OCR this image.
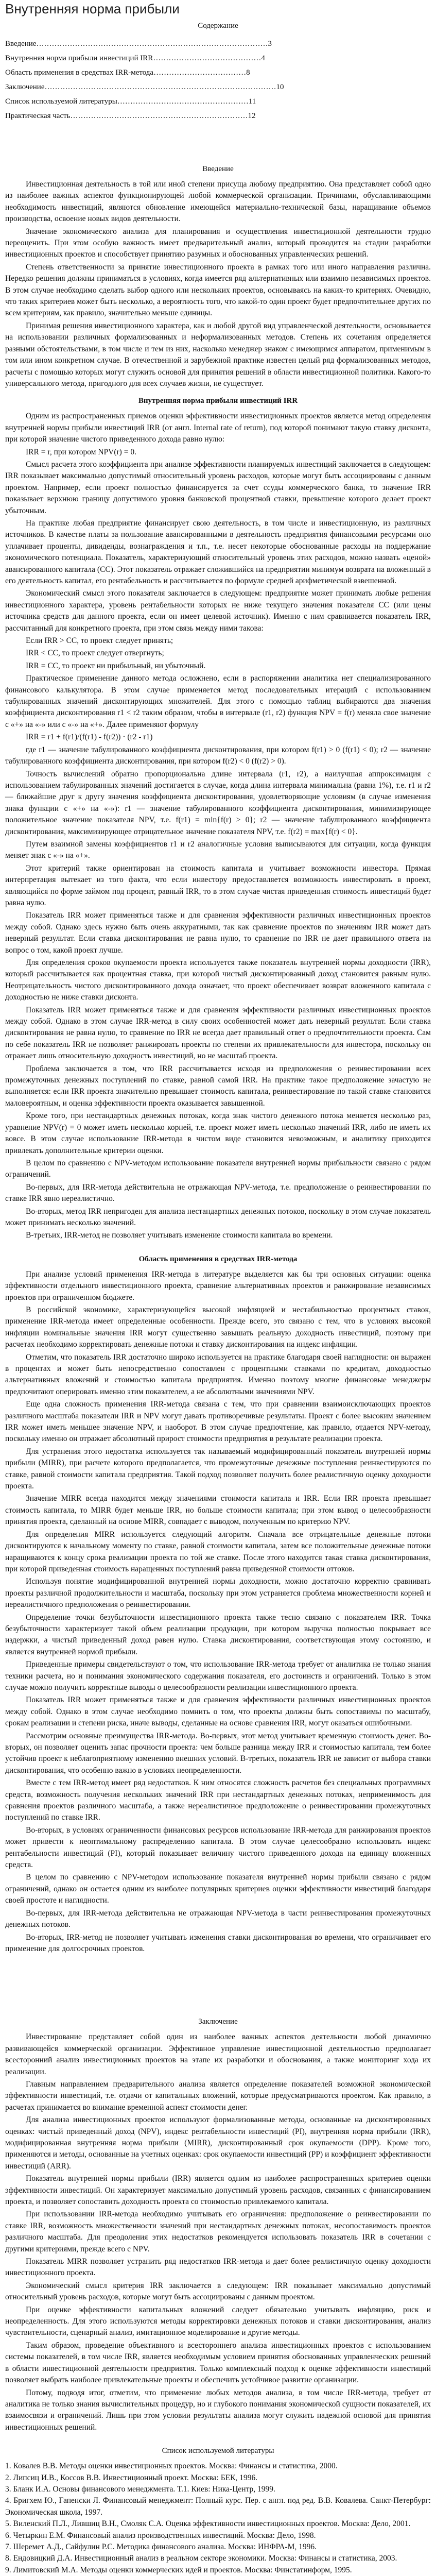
Внутренняя норма прибыли
Содержание
Введение………………………………………………………………………………3
Внутренняя норма прибыли инвестиций IRR……………………………………4
Область применения в средствах IRR-метода………………………………8
Заключение………………………………………………………………………………10
Список используемой литературы……………………………………………11
Практическая часть……………………………………………………………12
Введение

Инвестиционная деятельность в той или иной степени присуща любому предприятию. Она представляет собой одно из наиболее важных аспектов функционирующей любой коммерческой организации. Причинами, обуславливающими необходимость инвестиций, являются обновление имеющейся материально-технической базы, наращивание объемов производства, освоение новых видов деятельности.

Значение экономического анализа для планирования и осуществления инвестиционной деятельности трудно переоценить. При этом особую важность имеет предварительный анализ, который проводится на стадии разработки инвестиционных проектов и способствует принятию разумных и обоснованных управленческих решений.

Степень ответственности за принятие инвестиционного проекта в рамках того или иного направления различна. Нередко решения должны приниматься в условиях, когда имеется ряд альтернативных или взаимно независимых проектов. В этом случае необходимо сделать выбор одного или нескольких проектов, основываясь на каких-то критериях. Очевидно, что таких критериев может быть несколько, а вероятность того, что какой-то один проект будет предпочтительнее других по всем критериям, как правило, значительно меньше единицы.

Принимая решения инвестиционного характера, как и любой другой вид управленческой деятельности, основывается на использовании различных формализованных и неформализованных методов. Степень их сочетания определяется разными обстоятельствами, в том числе и тем из них, насколько менеджер знаком с имеющимся аппаратом, применимым в том или ином конкретном случае. В отечественной и зарубежной практике известен целый ряд формализованных методов, расчеты с помощью которых могут служить основой для принятия решений в области инвестиционной политики. Какого-то универсального метода, пригодного для всех случаев жизни, не существует.

Внутренняя норма прибыли инвестиций IRR

Одним из распространенных приемов оценки эффективности инвестиционных проектов является метод определения внутренней нормы прибыли инвестиций IRR (от англ. Internal rate of return), под которой понимают такую ставку дисконта, при которой значение чистого приведенного дохода равно нулю:

IRR = r, при котором NPV(r) = 0.

Смысл расчета этого коэффициента при анализе эффективности планируемых инвестиций заключается в следующем: IRR показывает максимально допустимый относительный уровень расходов, которые могут быть ассоциированы с данным проектом. Например, если проект полностью финансируется за счет ссуды коммерческого банка, то значение IRR показывает верхнюю границу допустимого уровня банковской процентной ставки, превышение которого делает проект убыточным.

На практике любая предприятие финансирует свою деятельность, в том числе и инвестиционную, из различных источников. В качестве платы за пользование авансированными в деятельность предприятия финансовыми ресурсами оно уплачивает проценты, дивиденды, вознаграждения и т.п., т.е. несет некоторые обоснованные расходы на поддержание экономического потенциала. Показатель, характеризующий относительный уровень этих расходов, можно назвать «ценой» авансированного капитала (CC). Этот показатель отражает сложившийся на предприятии минимум возврата на вложенный в его деятельность капитал, его рентабельность и рассчитывается по формуле средней арифметической взвешенной.

Экономический смысл этого показателя заключается в следующем: предприятие может принимать любые решения инвестиционного характера, уровень рентабельности которых не ниже текущего значения показателя CC (или цены источника средств для данного проекта, если он имеет целевой источник). Именно с ним сравнивается показатель IRR, рассчитанный для конкретного проекта, при этом связь между ними такова:

Если IRR > CC, то проект следует принять;

IRR < CC, то проект следует отвергнуть;

IRR = CC, то проект ни прибыльный, ни убыточный.

Практическое применение данного метода осложнено, если в распоряжении аналитика нет специализированного финансового калькулятора. В этом случае применяется метод последовательных итераций с использованием табулированных значений дисконтирующих множителей. Для этого с помощью таблиц выбираются два значения коэффициента дисконтирования r1 < r2 таким образом, чтобы в интервале (r1, r2) функция NPV = f(r) меняла свое значение с «+» на «-» или с «-» на «+». Далее применяют формулу

IRR = r1 + f(r1)/(f(r1) - f(r2)) · (r2 - r1)

где r1 — значение табулированного коэффициента дисконтирования, при котором f(r1) > 0 (f(r1) < 0); r2 — значение табулированного коэффициента дисконтирования, при котором f(r2) < 0 (f(r2) > 0).

Точность вычислений обратно пропорциональна длине интервала (r1, r2), а наилучшая аппроксимация с использованием табулированных значений достигается в случае, когда длина интервала минимальна (равна 1%), т.е. r1 и r2 — ближайшие друг к другу значения коэффициента дисконтирования, удовлетворяющие условиям (в случае изменения знака функции с «+» на «-»): r1 — значение табулированного коэффициента дисконтирования, минимизирующее положительное значение показателя NPV, т.е. f(r1) = min{f(r) > 0}; r2 — значение табулированного коэффициента дисконтирования, максимизирующее отрицательное значение показателя NPV, т.е. f(r2) = max{f(r) < 0}.

Путем взаимной замены коэффициентов r1 и r2 аналогичные условия выписываются для ситуации, когда функция меняет знак с «-» на «+».

Этот критерий также ориентирован на стоимость капитала и учитывает возможности инвестора. Прямая интерпретация вытекает из того факта, что если инвестору предоставляется возможность инвестировать в проект, являющийся по форме займом под процент, равный IRR, то в этом случае чистая приведенная стоимость инвестиций будет равна нулю.

Показатель IRR может применяться также и для сравнения эффективности различных инвестиционных проектов между собой. Однако здесь нужно быть очень аккуратными, так как сравнение проектов по значениям IRR может дать неверный результат. Если ставка дисконтирования не равна нулю, то сравнение по IRR не дает правильного ответа на вопрос о том, какой проект лучше.

Для определения сроков окупаемости проекта используется также показатель внутренней нормы доходности (IRR), который рассчитывается как процентная ставка, при которой чистый дисконтированный доход становится равным нулю. Неотрицательность чистого дисконтированного дохода означает, что проект обеспечивает возврат вложенного капитала с доходностью не ниже ставки дисконта.

Показатель IRR может применяться также и для сравнения эффективности различных инвестиционных проектов между собой. Однако в этом случае IRR-метод в силу своих особенностей может дать неверный результат. Если ставка дисконтирования не равна нулю, то сравнение по IRR не всегда дает правильный ответ о предпочтительности проекта. Сам по себе показатель IRR не позволяет ранжировать проекты по степени их привлекательности для инвестора, поскольку он отражает лишь относительную доходность инвестиций, но не масштаб проекта.

Проблема заключается в том, что IRR рассчитывается исходя из предположения о реинвестировании всех промежуточных денежных поступлений по ставке, равной самой IRR. На практике такое предположение зачастую не выполняется: если IRR проекта значительно превышает стоимость капитала, реинвестирование по такой ставке становится маловероятным, и оценка эффективности проекта оказывается завышенной.

Кроме того, при нестандартных денежных потоках, когда знак чистого денежного потока меняется несколько раз, уравнение NPV(r) = 0 может иметь несколько корней, т.е. проект может иметь несколько значений IRR, либо не иметь их вовсе. В этом случае использование IRR-метода в чистом виде становится невозможным, и аналитику приходится привлекать дополнительные критерии оценки.

В целом по сравнению с NPV-методом использование показателя внутренней нормы прибыльности связано с рядом ограничений.

Во-первых, для IRR-метода действительна не отражающая NPV-метода, т.е. предположение о реинвестировании по ставке IRR явно нереалистично.

Во-вторых, метод IRR непригоден для анализа нестандартных денежных потоков, поскольку в этом случае показатель может принимать несколько значений.

В-третьих, IRR-метод не позволяет учитывать изменение стоимости капитала во времени.

Область применения в средствах IRR-метода

При анализе условий применения IRR-метода в литературе выделяется как бы три основных ситуации: оценка эффективности отдельного инвестиционного проекта, сравнение альтернативных проектов и ранжирование независимых проектов при ограниченном бюджете.

В российской экономике, характеризующейся высокой инфляцией и нестабильностью процентных ставок, применение IRR-метода имеет определенные особенности. Прежде всего, это связано с тем, что в условиях высокой инфляции номинальные значения IRR могут существенно завышать реальную доходность инвестиций, поэтому при расчетах необходимо корректировать денежные потоки и ставку дисконтирования на индекс инфляции.

Отметим, что показатель IRR достаточно широко используется на практике благодаря своей наглядности: он выражен в процентах и может быть непосредственно сопоставлен с процентными ставками по кредитам, доходностью альтернативных вложений и стоимостью капитала предприятия. Именно поэтому многие финансовые менеджеры предпочитают оперировать именно этим показателем, а не абсолютными значениями NPV.

Еще одна сложность применения IRR-метода связана с тем, что при сравнении взаимоисключающих проектов различного масштаба показатели IRR и NPV могут давать противоречивые результаты. Проект с более высоким значением IRR может иметь меньшее значение NPV, и наоборот. В этом случае предпочтение, как правило, отдается NPV-методу, поскольку именно он отражает абсолютный прирост стоимости предприятия в результате реализации проекта.

Для устранения этого недостатка используется так называемый модифицированный показатель внутренней нормы прибыли (MIRR), при расчете которого предполагается, что промежуточные денежные поступления реинвестируются по ставке, равной стоимости капитала предприятия. Такой подход позволяет получить более реалистичную оценку доходности проекта.

Значение MIRR всегда находится между значениями стоимости капитала и IRR. Если IRR проекта превышает стоимость капитала, то MIRR будет меньше IRR, но больше стоимости капитала; при этом вывод о целесообразности принятия проекта, сделанный на основе MIRR, совпадает с выводом, полученным по критерию NPV.

Для определения MIRR используется следующий алгоритм. Сначала все отрицательные денежные потоки дисконтируются к начальному моменту по ставке, равной стоимости капитала, затем все положительные денежные потоки наращиваются к концу срока реализации проекта по той же ставке. После этого находится такая ставка дисконтирования, при которой приведенная стоимость наращенных поступлений равна приведенной стоимости оттоков.

Используя понятие модифицированной внутренней нормы доходности, можно достаточно корректно сравнивать проекты различной продолжительности и масштаба, поскольку при этом устраняется проблема множественности корней и нереалистичного предположения о реинвестировании.

Определение точки безубыточности инвестиционного проекта также тесно связано с показателем IRR. Точка безубыточности характеризует такой объем реализации продукции, при котором выручка полностью покрывает все издержки, а чистый приведенный доход равен нулю. Ставка дисконтирования, соответствующая этому состоянию, и является внутренней нормой прибыли.

Приведенные примеры свидетельствуют о том, что использование IRR-метода требует от аналитика не только знания техники расчета, но и понимания экономического содержания показателя, его достоинств и ограничений. Только в этом случае можно получить корректные выводы о целесообразности реализации инвестиционного проекта.

Показатель IRR может применяться также и для сравнения эффективности различных инвестиционных проектов между собой. Однако в этом случае необходимо помнить о том, что проекты должны быть сопоставимы по масштабу, срокам реализации и степени риска, иначе выводы, сделанные на основе сравнения IRR, могут оказаться ошибочными.

Рассмотрим основные преимущества IRR-метода. Во-первых, этот метод учитывает временную стоимость денег. Во-вторых, он позволяет оценить запас прочности проекта: чем больше разница между IRR и стоимостью капитала, тем более устойчив проект к неблагоприятному изменению внешних условий. В-третьих, показатель IRR не зависит от выбора ставки дисконтирования, что особенно важно в условиях неопределенности.

Вместе с тем IRR-метод имеет ряд недостатков. К ним относятся сложность расчетов без специальных программных средств, возможность получения нескольких значений IRR при нестандартных денежных потоках, неприменимость для сравнения проектов различного масштаба, а также нереалистичное предположение о реинвестировании промежуточных поступлений по ставке IRR.

Во-вторых, в условиях ограниченности финансовых ресурсов использование IRR-метода для ранжирования проектов может привести к неоптимальному распределению капитала. В этом случае целесообразно использовать индекс рентабельности инвестиций (PI), который показывает величину чистого приведенного дохода на единицу вложенных средств.

В целом по сравнению с NPV-методом использование показателя внутренней нормы прибыли связано с рядом ограничений, однако он остается одним из наиболее популярных критериев оценки эффективности инвестиций благодаря своей простоте и наглядности.

Во-первых, для IRR-метода действительна не отражающая NPV-метода в части реинвестирования промежуточных денежных потоков.

Во-вторых, IRR-метод не позволяет учитывать изменения ставки дисконтирования во времени, что ограничивает его применение для долгосрочных проектов.

Заключение

Инвестирование представляет собой один из наиболее важных аспектов деятельности любой динамично развивающейся коммерческой организации. Эффективное управление инвестиционной деятельностью предполагает всесторонний анализ инвестиционных проектов на этапе их разработки и обоснования, а также мониторинг хода их реализации.

Главным направлением предварительного анализа является определение показателей возможной экономической эффективности инвестиций, т.е. отдачи от капитальных вложений, которые предусматриваются проектом. Как правило, в расчетах принимается во внимание временной аспект стоимости денег.

Для анализа инвестиционных проектов используют формализованные методы, основанные на дисконтированных оценках: чистый приведенный доход (NPV), индекс рентабельности инвестиций (PI), внутренняя норма прибыли (IRR), модифицированная внутренняя норма прибыли (MIRR), дисконтированный срок окупаемости (DPP). Кроме того, применяются и методы, основанные на учетных оценках: срок окупаемости инвестиций (PP) и коэффициент эффективности инвестиций (ARR).

Показатель внутренней нормы прибыли (IRR) является одним из наиболее распространенных критериев оценки эффективности инвестиций. Он характеризует максимально допустимый уровень расходов, связанных с финансированием проекта, и позволяет сопоставить доходность проекта со стоимостью привлекаемого капитала.

При использовании IRR-метода необходимо учитывать его ограничения: предположение о реинвестировании по ставке IRR, возможность множественности значений при нестандартных денежных потоках, несопоставимость проектов различного масштаба. Для преодоления этих недостатков рекомендуется использовать показатель IRR в сочетании с другими критериями, прежде всего с NPV.

Показатель MIRR позволяет устранить ряд недостатков IRR-метода и дает более реалистичную оценку доходности инвестиционного проекта.

Экономический смысл критерия IRR заключается в следующем: IRR показывает максимально допустимый относительный уровень расходов, которые могут быть ассоциированы с данным проектом.

При оценке эффективности капитальных вложений следует обязательно учитывать инфляцию, риск и неопределенность. Для этого используются методы корректировки денежных потоков и ставки дисконтирования, анализ чувствительности, сценарный анализ, имитационное моделирование и другие методы.

Таким образом, проведение объективного и всестороннего анализа инвестиционных проектов с использованием системы показателей, в том числе IRR, является необходимым условием принятия обоснованных управленческих решений в области инвестиционной деятельности предприятия. Только комплексный подход к оценке эффективности инвестиций позволяет выбрать наиболее привлекательные проекты и обеспечить устойчивое развитие организации.

Потому, подводя итог, отметим, что применение любых методов анализа, в том числе IRR-метода, требует от аналитика не только знания вычислительных процедур, но и глубокого понимания экономической сущности показателей, их взаимосвязи и ограничений. Лишь при этом условии результаты анализа могут служить надежной основой для принятия инвестиционных решений.

Список используемой литературы
1. Ковалев В.В. Методы оценки инвестиционных проектов. Москва: Финансы и статистика, 2000.
2. Липсиц И.В., Коссов В.В. Инвестиционный проект. Москва: БЕК, 1996.
3. Бланк И.А. Основы финансового менеджмента. Т.1. Киев: Ника-Центр, 1999.
4. Бригхем Ю., Гапенски Л. Финансовый менеджмент: Полный курс. Пер. с англ. под ред. В.В. Ковалева. Санкт-Петербург: Экономическая школа, 1997.
5. Виленский П.Л., Лившиц В.Н., Смоляк С.А. Оценка эффективности инвестиционных проектов. Москва: Дело, 2001.
6. Четыркин Е.М. Финансовый анализ производственных инвестиций. Москва: Дело, 1998.
7. Шеремет А.Д., Сайфулин Р.С. Методика финансового анализа. Москва: ИНФРА-М, 1996.
8. Ендовицкий Д.А. Инвестиционный анализ в реальном секторе экономики. Москва: Финансы и статистика, 2003.
9. Лимитовский М.А. Методы оценки коммерческих идей и проектов. Москва: Финстатинформ, 1995.
